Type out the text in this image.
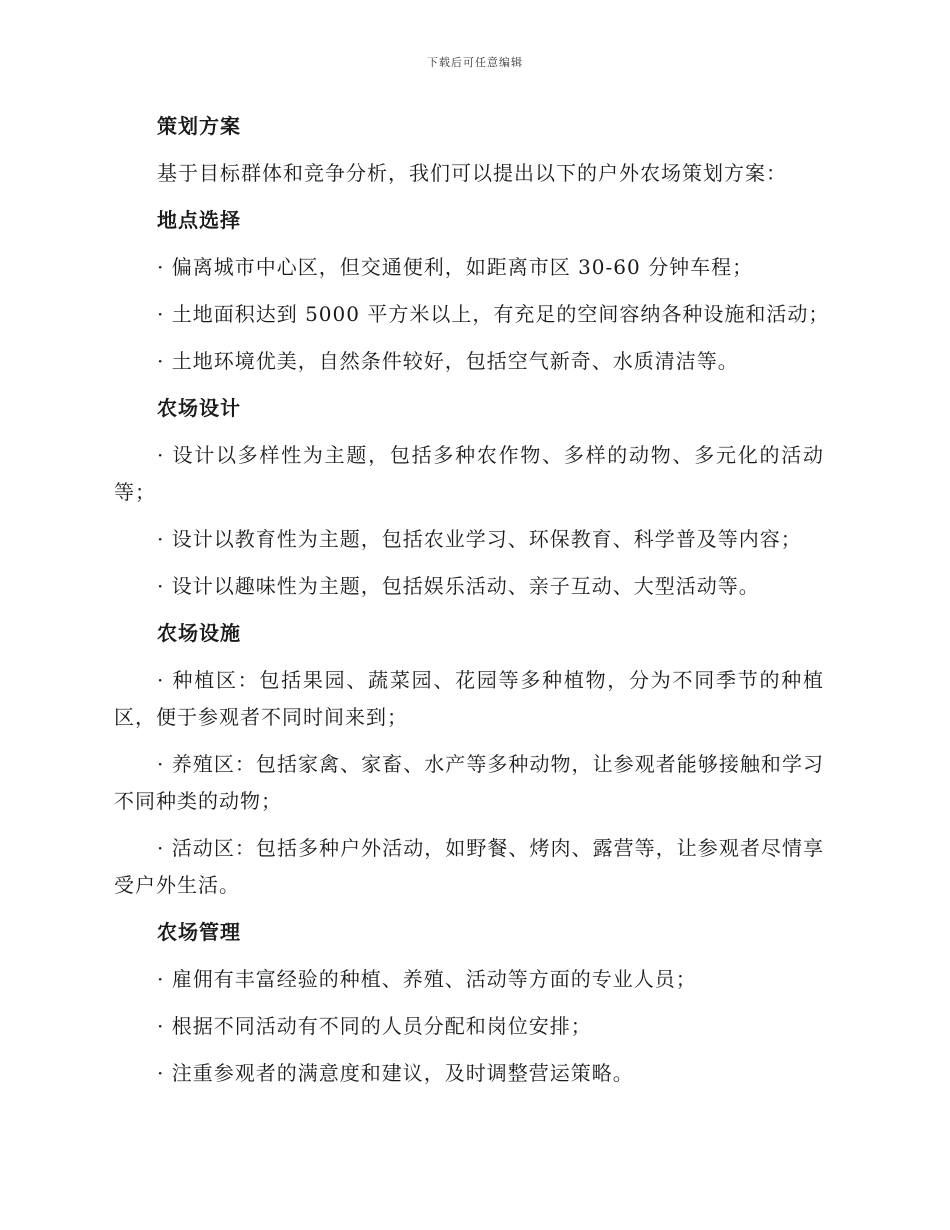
下载后可任意编辑
策划方案
基于目标群体和竞争分析，我们可以提出以下的户外农场策划方案：
地点选择
· 偏离城市中心区，但交通便利，如距离市区 30-60 分钟车程；
· 土地面积达到 5000 平方米以上，有充足的空间容纳各种设施和活动；
· 土地环境优美，自然条件较好，包括空气新奇、水质清洁等。
农场设计
· 设计以多样性为主题，包括多种农作物、多样的动物、多元化的活动等；
· 设计以教育性为主题，包括农业学习、环保教育、科学普及等内容；
· 设计以趣味性为主题，包括娱乐活动、亲子互动、大型活动等。
农场设施
· 种植区：包括果园、蔬菜园、花园等多种植物，分为不同季节的种植区，便于参观者不同时间来到；
· 养殖区：包括家禽、家畜、水产等多种动物，让参观者能够接触和学习不同种类的动物；
· 活动区：包括多种户外活动，如野餐、烤肉、露营等，让参观者尽情享受户外生活。
农场管理
· 雇佣有丰富经验的种植、养殖、活动等方面的专业人员；
· 根据不同活动有不同的人员分配和岗位安排；
· 注重参观者的满意度和建议，及时调整营运策略。
